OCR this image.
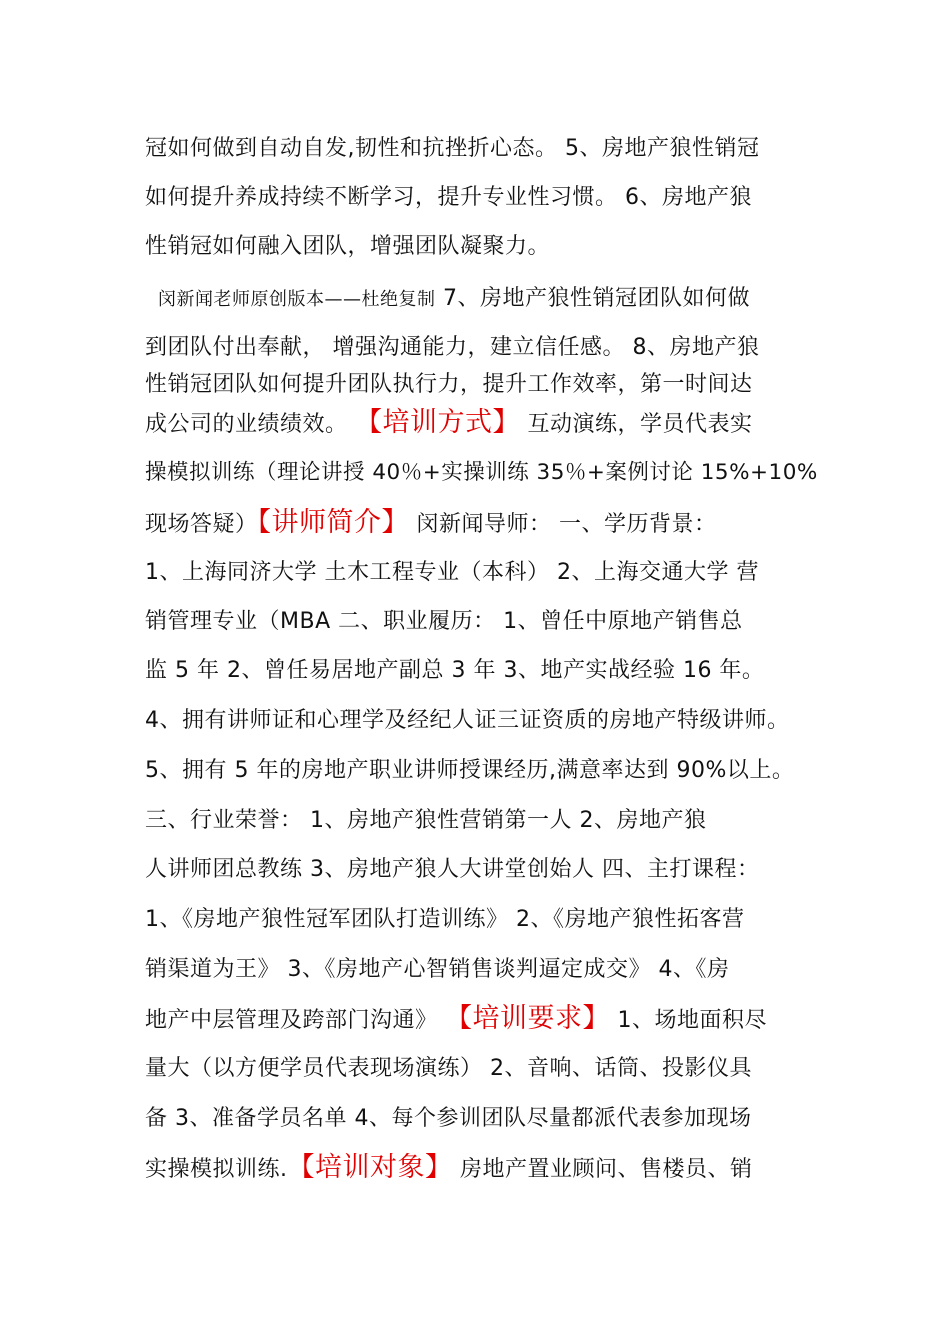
冠如何做到自动自发,韧性和抗挫折心态。 5、房地产狼性销冠
如何提升养成持续不断学习，提升专业性习惯。 6、房地产狼
性销冠如何融入团队，增强团队凝聚力。
闵新闻老师原创版本——杜绝复制 7、房地产狼性销冠团队如何做
到团队付出奉献， 增强沟通能力，建立信任感。 8、房地产狼
性销冠团队如何提升团队执行力，提升工作效率，第一时间达
成公司的业绩绩效。 【培训方式】 互动演练，学员代表实
操模拟训练（理论讲授 40％+实操训练 35％+案例讨论 15%+10%
现场答疑）【讲师简介】 闵新闻导师： 一、学历背景：
1、上海同济大学 土木工程专业（本科） 2、上海交通大学 营
销管理专业（MBA 二、职业履历： 1、曾任中原地产销售总
监 5 年 2、曾任易居地产副总 3 年 3、地产实战经验 16 年。
4、拥有讲师证和心理学及经纪人证三证资质的房地产特级讲师。
5、拥有 5 年的房地产职业讲师授课经历,满意率达到 90%以上。
三、行业荣誉： 1、房地产狼性营销第一人 2、房地产狼
人讲师团总教练 3、房地产狼人大讲堂创始人 四、主打课程：
1、《房地产狼性冠军团队打造训练》 2、《房地产狼性拓客营
销渠道为王》 3、《房地产心智销售谈判逼定成交》 4、《房
地产中层管理及跨部门沟通》 【培训要求】 1、场地面积尽
量大（以方便学员代表现场演练） 2、音响、话筒、投影仪具
备 3、准备学员名单 4、每个参训团队尽量都派代表参加现场
实操模拟训练.【培训对象】 房地产置业顾问、售楼员、销
